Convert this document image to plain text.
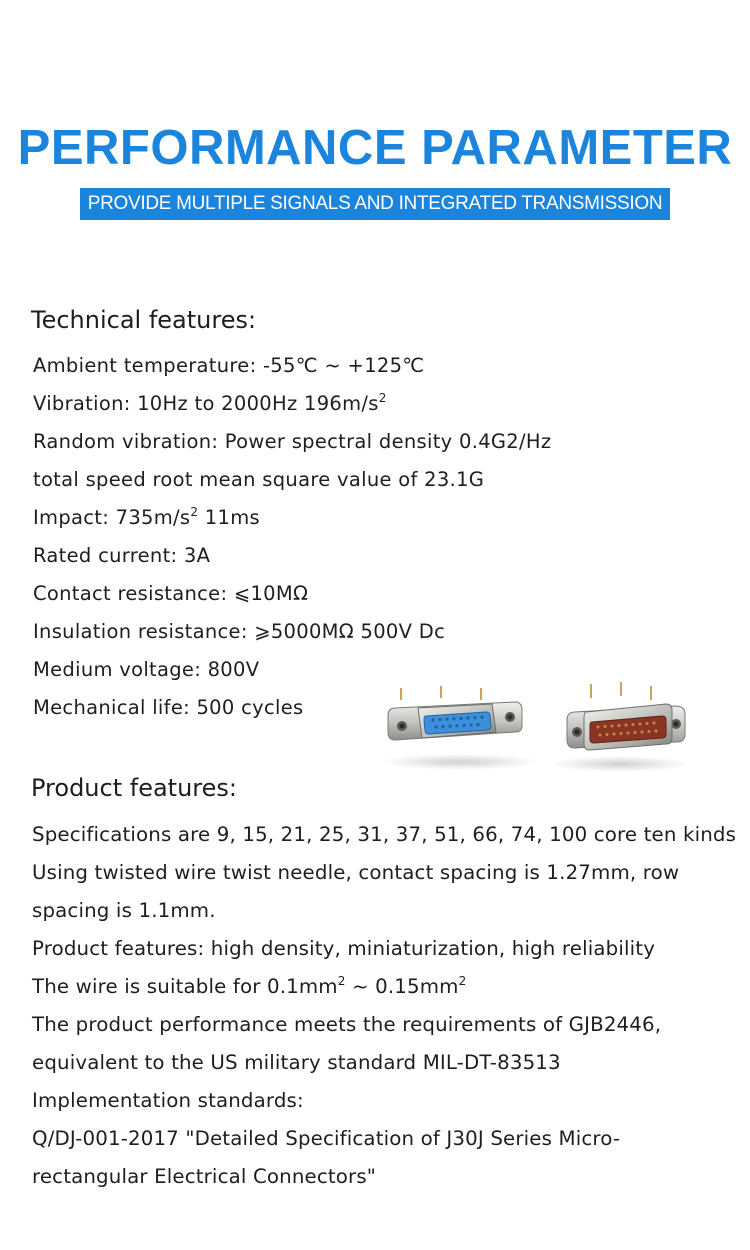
PERFORMANCE PARAMETER
PROVIDE MULTIPLE SIGNALS AND INTEGRATED TRANSMISSION
Technical features:
Ambient temperature: -55℃ ~ +125℃
Vibration: 10Hz to 2000Hz $196m/s^2$
Random vibration: Power spectral density 0.4G2/Hz
total speed root mean square value of 23.1G
Impact: $735m/s^2$ 11ms
Rated current: 3A
Contact resistance: ⩽10MΩ
Insulation resistance: ⩾5000MΩ 500V Dc
Medium voltage: 800V
Mechanical life: 500 cycles
Product features:
Specifications are 9, 15, 21, 25, 31, 37, 51, 66, 74, 100 core ten kinds
Using twisted wire twist needle, contact spacing is 1.27mm, row
spacing is 1.1mm.
Product features: high density, miniaturization, high reliability
The wire is suitable for $0.1mm^2$ ~ $0.15mm^2$
The product performance meets the requirements of GJB2446,
equivalent to the US military standard MIL-DT-83513
Implementation standards:
Q/DJ-001-2017 "Detailed Specification of J30J Series Micro-
rectangular Electrical Connectors"
